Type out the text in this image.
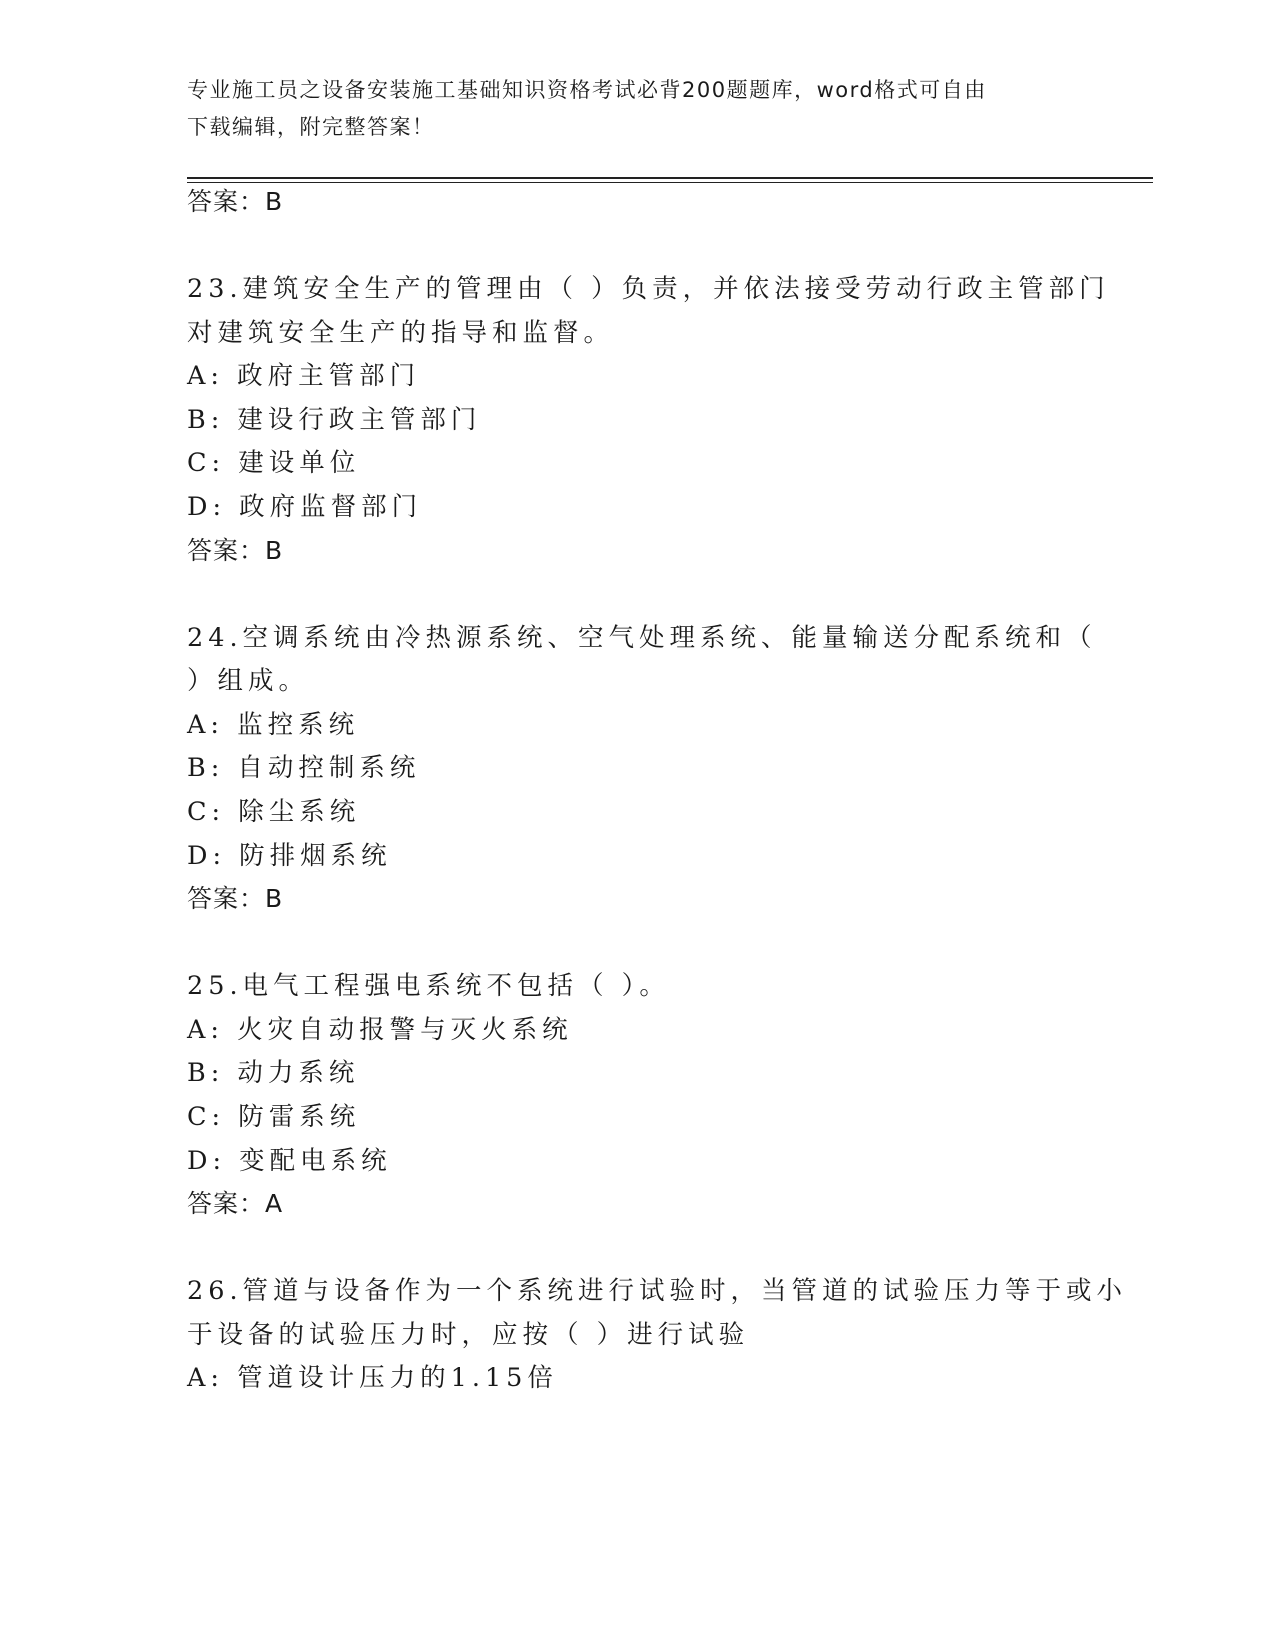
专业施工员之设备安装施工基础知识资格考试必背200题题库，word格式可自由
下载编辑，附完整答案！

答案：B

23.建筑安全生产的管理由（ ）负责，并依法接受劳动行政主管部门

对建筑安全生产的指导和监督。

A: 政府主管部门

B: 建设行政主管部门

C: 建设单位

D: 政府监督部门

答案：B

24.空调系统由冷热源系统、空气处理系统、能量输送分配系统和（

）组成。

A: 监控系统

B: 自动控制系统

C: 除尘系统

D: 防排烟系统

答案：B

25.电气工程强电系统不包括（ ）。

A: 火灾自动报警与灭火系统

B: 动力系统

C: 防雷系统

D: 变配电系统

答案：A

26.管道与设备作为一个系统进行试验时，当管道的试验压力等于或小

于设备的试验压力时，应按（ ）进行试验

A: 管道设计压力的1.15倍
